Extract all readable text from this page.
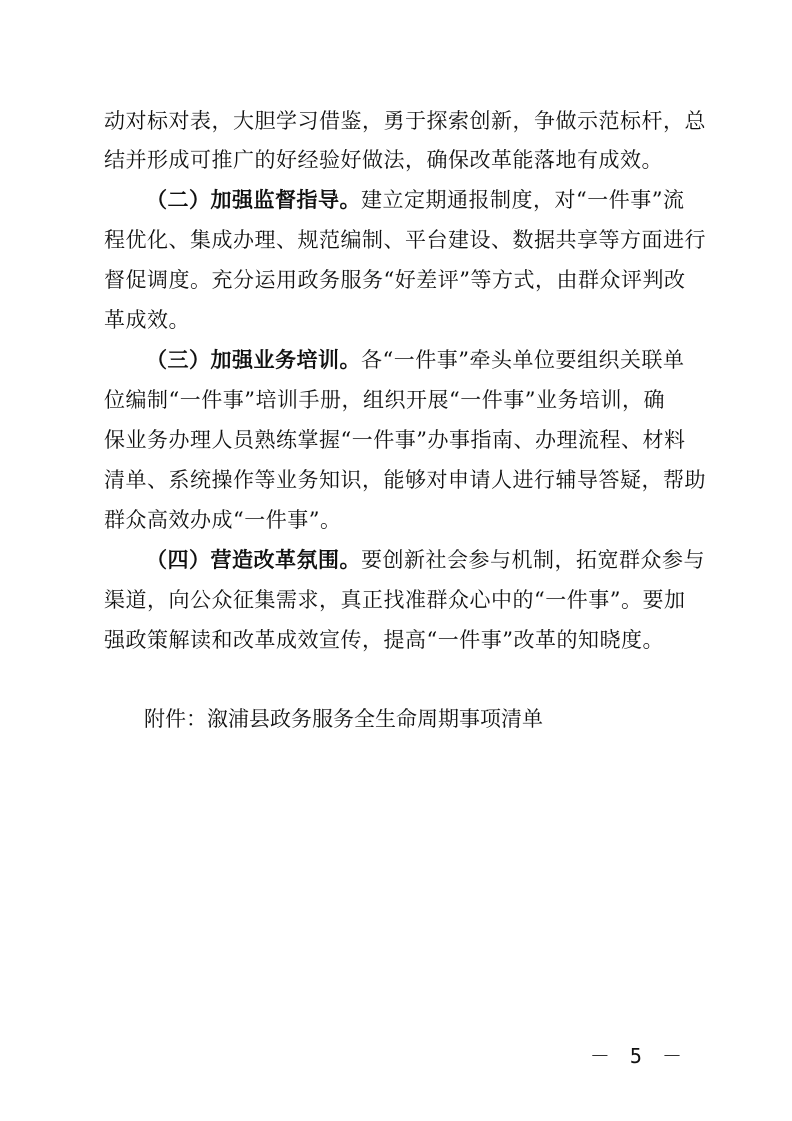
动对标对表，大胆学习借鉴，勇于探索创新，争做示范标杆，总
结并形成可推广的好经验好做法，确保改革能落地有成效。
（二）加强监督指导。建立定期通报制度，对“一件事”流
程优化、集成办理、规范编制、平台建设、数据共享等方面进行
督促调度。充分运用政务服务“好差评”等方式，由群众评判改
革成效。
（三）加强业务培训。各“一件事”牵头单位要组织关联单
位编制“一件事”培训手册，组织开展“一件事”业务培训，确
保业务办理人员熟练掌握“一件事”办事指南、办理流程、材料
清单、系统操作等业务知识，能够对申请人进行辅导答疑，帮助
群众高效办成“一件事”。
（四）营造改革氛围。要创新社会参与机制，拓宽群众参与
渠道，向公众征集需求，真正找准群众心中的“一件事”。要加
强政策解读和改革成效宣传，提高“一件事”改革的知晓度。
附件：溆浦县政务服务全生命周期事项清单
－ 5 －
